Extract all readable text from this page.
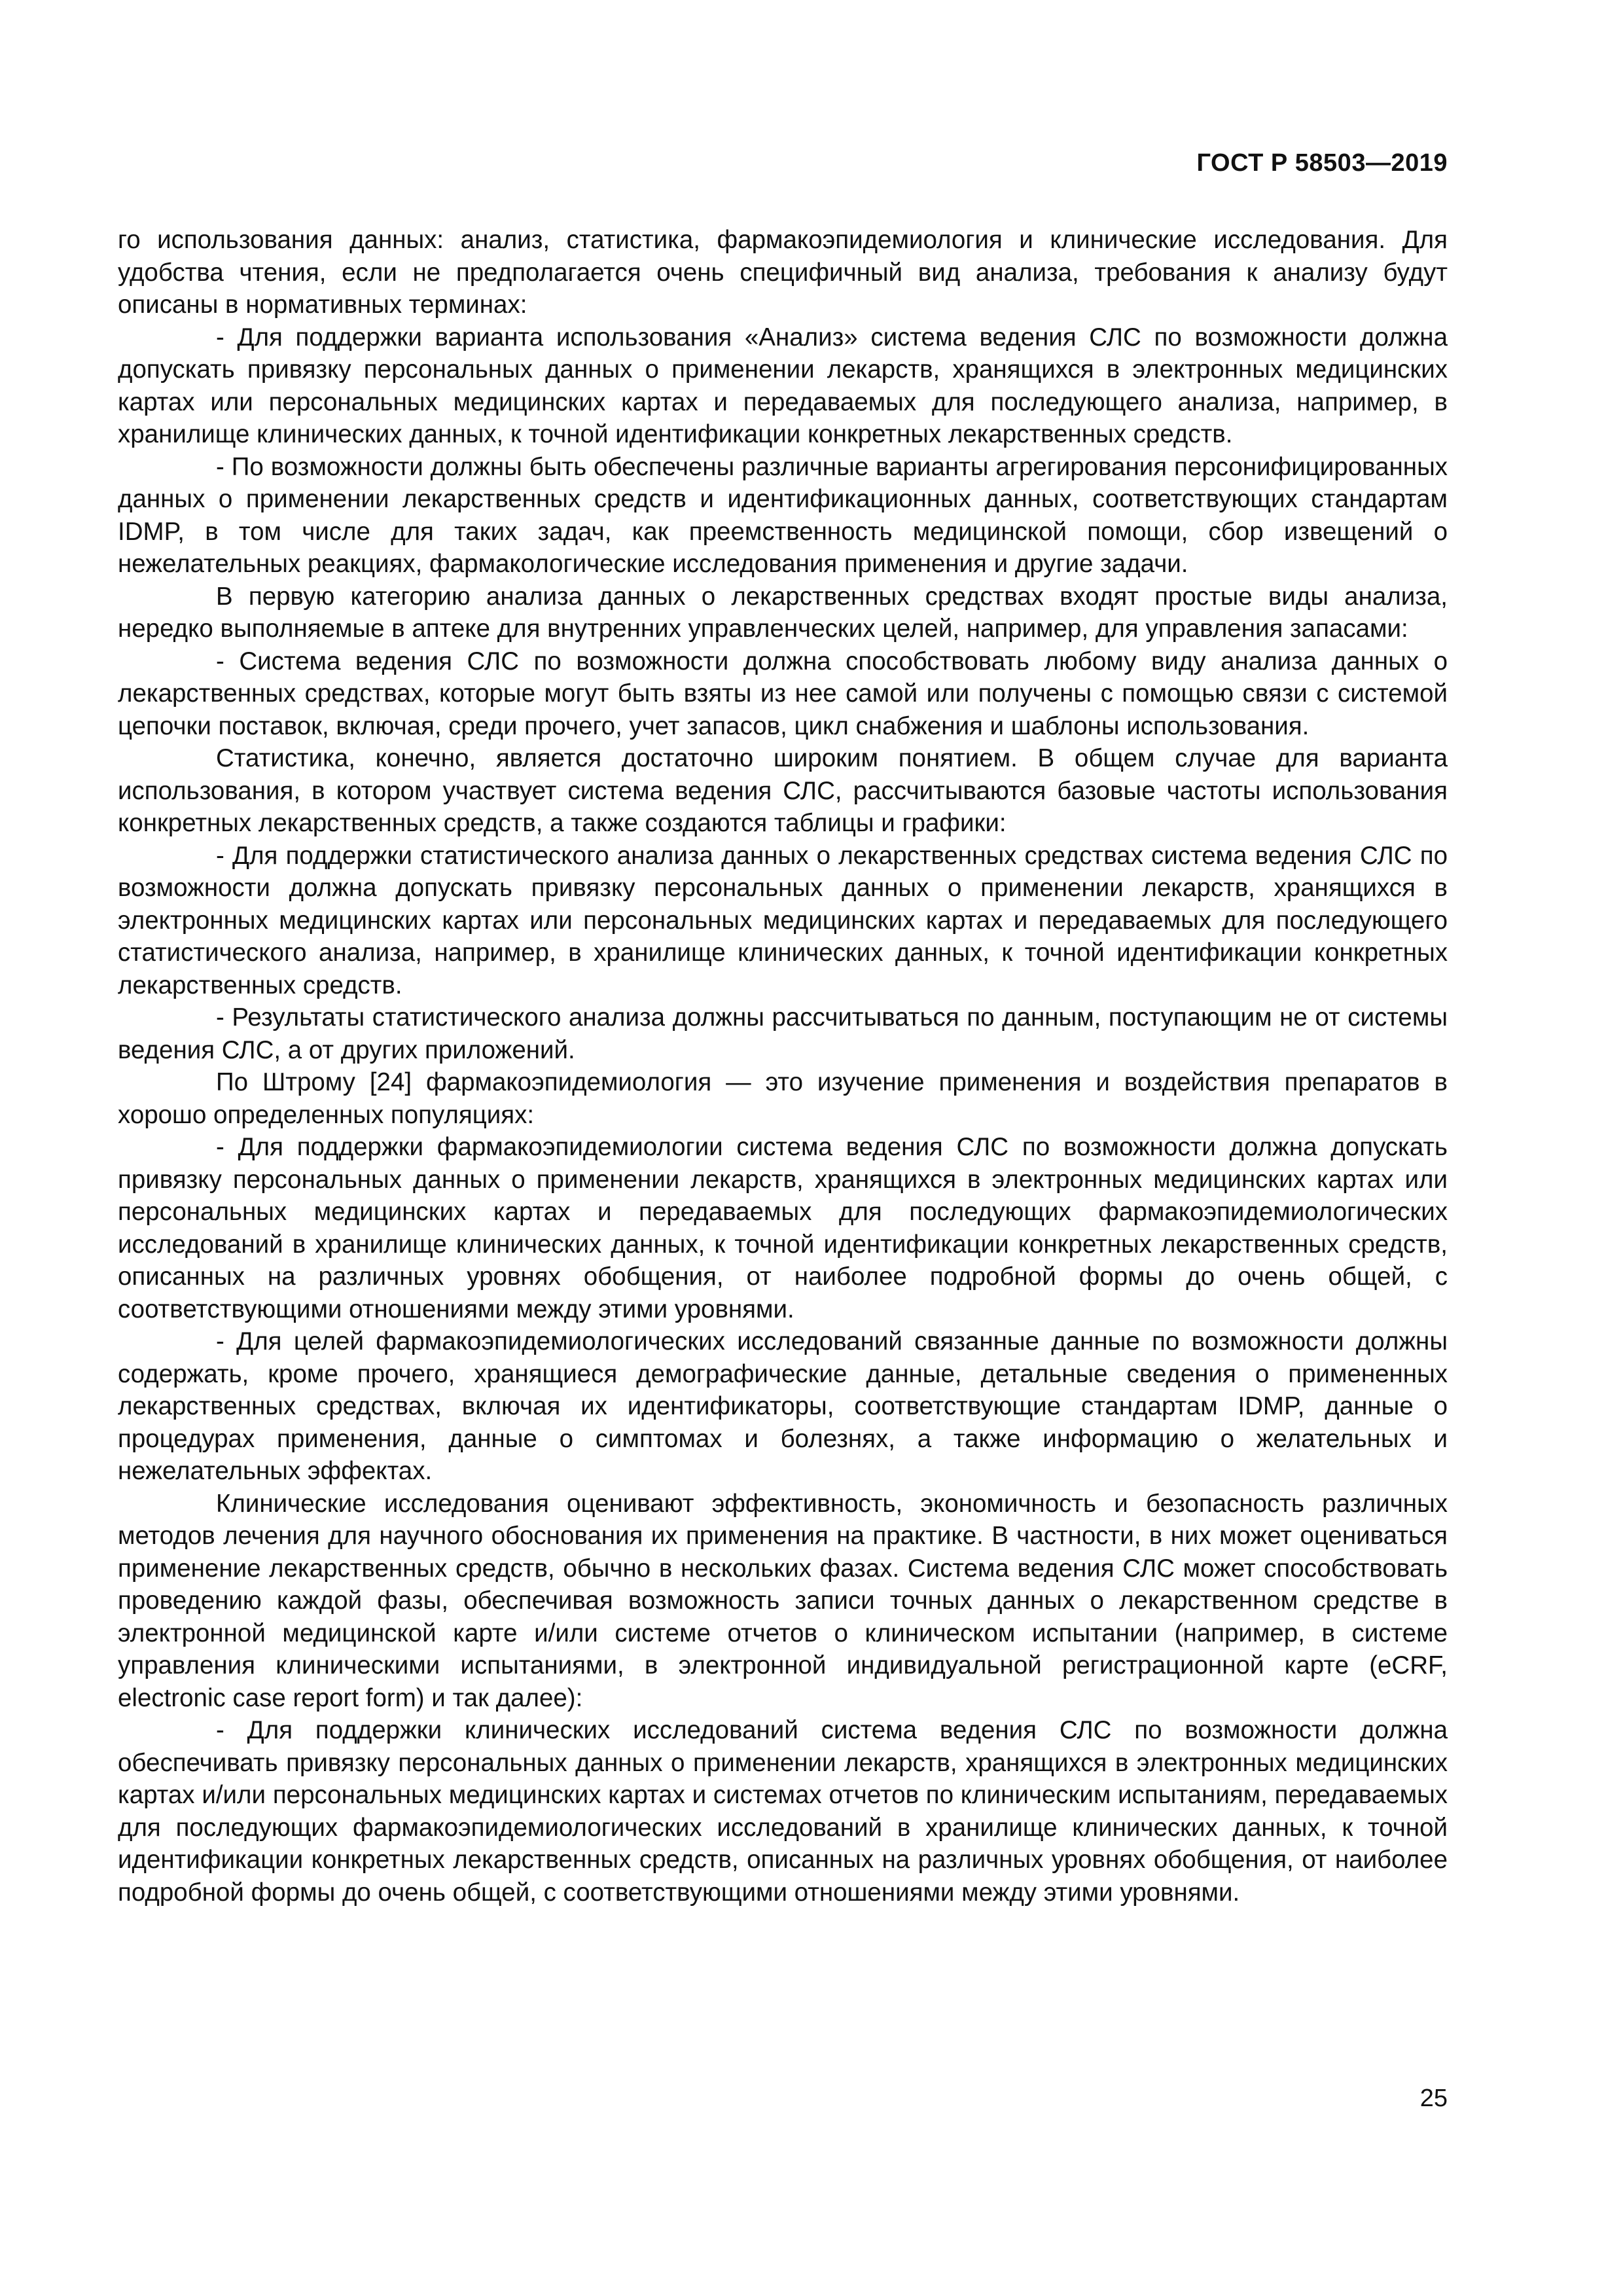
ГОСТ Р 58503—2019

го использования данных: анализ, статистика, фармакоэпидемиология и клинические исследования. Для удобства чтения, если не предполагается очень специфичный вид анализа, требования к анализу будут описаны в нормативных терминах:

- Для поддержки варианта использования «Анализ» система ведения СЛС по возможности должна допускать привязку персональных данных о применении лекарств, хранящихся в электронных медицинских картах или персональных медицинских картах и передаваемых для последующего анализа, например, в хранилище клинических данных, к точной идентификации конкретных лекарственных средств.

- По возможности должны быть обеспечены различные варианты агрегирования персонифицированных данных о применении лекарственных средств и идентификационных данных, соответствующих стандартам IDMP, в том числе для таких задач, как преемственность медицинской помощи, сбор извещений о нежелательных реакциях, фармакологические исследования применения и другие задачи.

В первую категорию анализа данных о лекарственных средствах входят простые виды анализа, нередко выполняемые в аптеке для внутренних управленческих целей, например, для управления запасами:

- Система ведения СЛС по возможности должна способствовать любому виду анализа данных о лекарственных средствах, которые могут быть взяты из нее самой или получены с помощью связи с системой цепочки поставок, включая, среди прочего, учет запасов, цикл снабжения и шаблоны использования.

Статистика, конечно, является достаточно широким понятием. В общем случае для варианта использования, в котором участвует система ведения СЛС, рассчитываются базовые частоты использования конкретных лекарственных средств, а также создаются таблицы и графики:

- Для поддержки статистического анализа данных о лекарственных средствах система ведения СЛС по возможности должна допускать привязку персональных данных о применении лекарств, хранящихся в электронных медицинских картах или персональных медицинских картах и передаваемых для последующего статистического анализа, например, в хранилище клинических данных, к точной идентификации конкретных лекарственных средств.

- Результаты статистического анализа должны рассчитываться по данным, поступающим не от системы ведения СЛС, а от других приложений.

По Штрому [24] фармакоэпидемиология — это изучение применения и воздействия препаратов в хорошо определенных популяциях:

- Для поддержки фармакоэпидемиологии система ведения СЛС по возможности должна допускать привязку персональных данных о применении лекарств, хранящихся в электронных медицинских картах или персональных медицинских картах и передаваемых для последующих фармакоэпидемиологических исследований в хранилище клинических данных, к точной идентификации конкретных лекарственных средств, описанных на различных уровнях обобщения, от наиболее подробной формы до очень общей, с соответствующими отношениями между этими уровнями.

- Для целей фармакоэпидемиологических исследований связанные данные по возможности должны содержать, кроме прочего, хранящиеся демографические данные, детальные сведения о примененных лекарственных средствах, включая их идентификаторы, соответствующие стандартам IDMP, данные о процедурах применения, данные о симптомах и болезнях, а также информацию о желательных и нежелательных эффектах.

Клинические исследования оценивают эффективность, экономичность и безопасность различных методов лечения для научного обоснования их применения на практике. В частности, в них может оцениваться применение лекарственных средств, обычно в нескольких фазах. Система ведения СЛС может способствовать проведению каждой фазы, обеспечивая возможность записи точных данных о лекарственном средстве в электронной медицинской карте и/или системе отчетов о клиническом испытании (например, в системе управления клиническими испытаниями, в электронной индивидуальной регистрационной карте (eCRF, electronic case report form) и так далее):

- Для поддержки клинических исследований система ведения СЛС по возможности должна обеспечивать привязку персональных данных о применении лекарств, хранящихся в электронных медицинских картах и/или персональных медицинских картах и системах отчетов по клиническим испытаниям, передаваемых для последующих фармакоэпидемиологических исследований в хранилище клинических данных, к точной идентификации конкретных лекарственных средств, описанных на различных уровнях обобщения, от наиболее подробной формы до очень общей, с соответствующими отношениями между этими уровнями.

25
